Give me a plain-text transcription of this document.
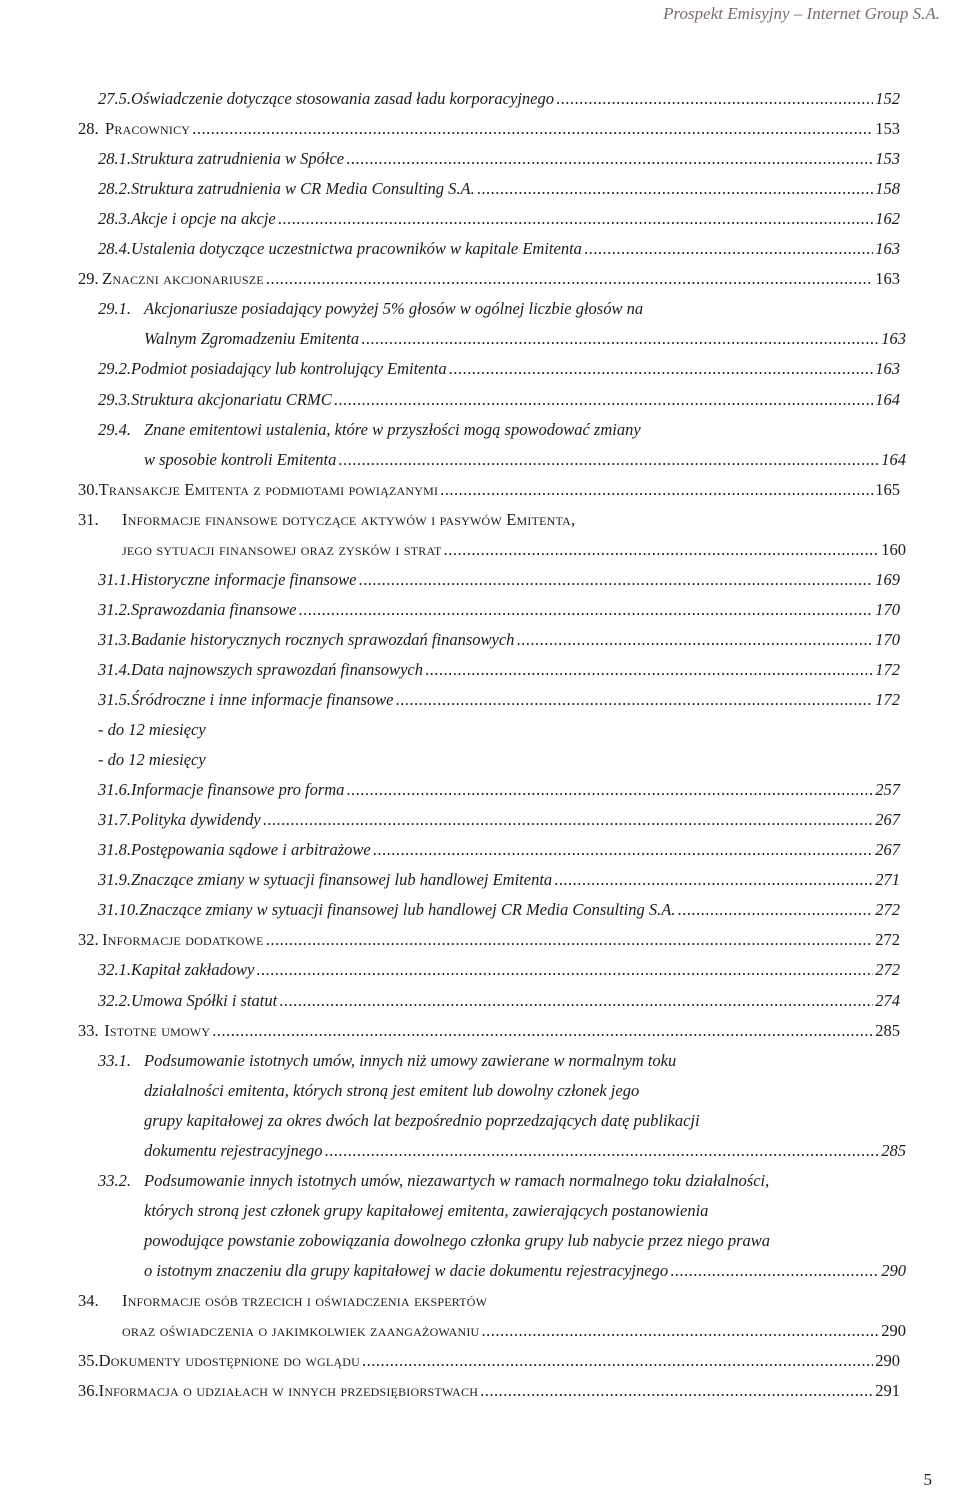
Prospekt Emisyjny – Internet Group S.A.
27.5. Oświadczenie dotyczące stosowania zasad ładu korporacyjnego .....	152
28. Pracownicy .....	153
28.1. Struktura zatrudnienia w Spółce .....	153
28.2. Struktura zatrudnienia w CR Media Consulting S.A. .....	158
28.3. Akcje i opcje na akcje .....	162
28.4. Ustalenia dotyczące uczestnictwa pracowników w kapitale Emitenta .....	163
29. Znaczni akcjonariusze .....	163
29.1. Akcjonariusze posiadający powyżej 5% głosów w ogólnej liczbie głosów na
Walnym Zgromadzeniu Emitenta .....	163
29.2. Podmiot posiadający lub kontrolujący Emitenta .....	163
29.3. Struktura akcjonariatu CRMC .....	164
29.4. Znane emitentowi ustalenia, które w przyszłości mogą spowodować zmiany
w sposobie kontroli Emitenta .....	164
30. Transakcje Emitenta z podmiotami powiązanymi .....	165
31.	Informacje finansowe dotyczące aktywów i pasywów Emitenta,
jego sytuacji finansowej oraz zysków i strat .....	160
31.1. Historyczne informacje finansowe .....	169
31.2. Sprawozdania finansowe .....	170
31.3. Badanie historycznych rocznych sprawozdań finansowych .....	170
31.4. Data najnowszych sprawozdań finansowych .....	172
31.5. Śródroczne i inne informacje finansowe .....	172
- do 12 miesięcy
- do 12 miesięcy
31.6. Informacje finansowe pro forma .....	257
31.7. Polityka dywidendy .....	267
31.8. Postępowania sądowe i arbitrażowe .....	267
31.9. Znaczące zmiany w sytuacji finansowej lub handlowej Emitenta .....	271
31.10. Znaczące zmiany w sytuacji finansowej lub handlowej CR Media Consulting S.A. .....	272
32. Informacje dodatkowe .....	272
32.1. Kapitał zakładowy .....	272
32.2. Umowa Spółki i statut .....	274
33. Istotne umowy .....	285
33.1. Podsumowanie istotnych umów, innych niż umowy zawierane w normalnym toku
działalności emitenta, których stroną jest emitent lub dowolny członek jego
grupy kapitałowej za okres dwóch lat bezpośrednio poprzedzających datę publikacji
dokumentu rejestracyjnego .....	285
33.2. Podsumowanie innych istotnych umów, niezawartych w ramach normalnego toku działalności,
których stroną jest członek grupy kapitałowej emitenta, zawierających postanowienia
powodujące powstanie zobowiązania dowolnego członka grupy lub nabycie przez niego prawa
o istotnym znaczeniu dla grupy kapitałowej w dacie dokumentu rejestracyjnego .....	290
34.	Informacje osób trzecich i oświadczenia ekspertów
oraz oświadczenia o jakimkolwiek zaangażowaniu .....	290
35. Dokumenty udostępnione do wglądu .....	290
36. Informacja o udziałach w innych przedsiębiorstwach .....	291
5
